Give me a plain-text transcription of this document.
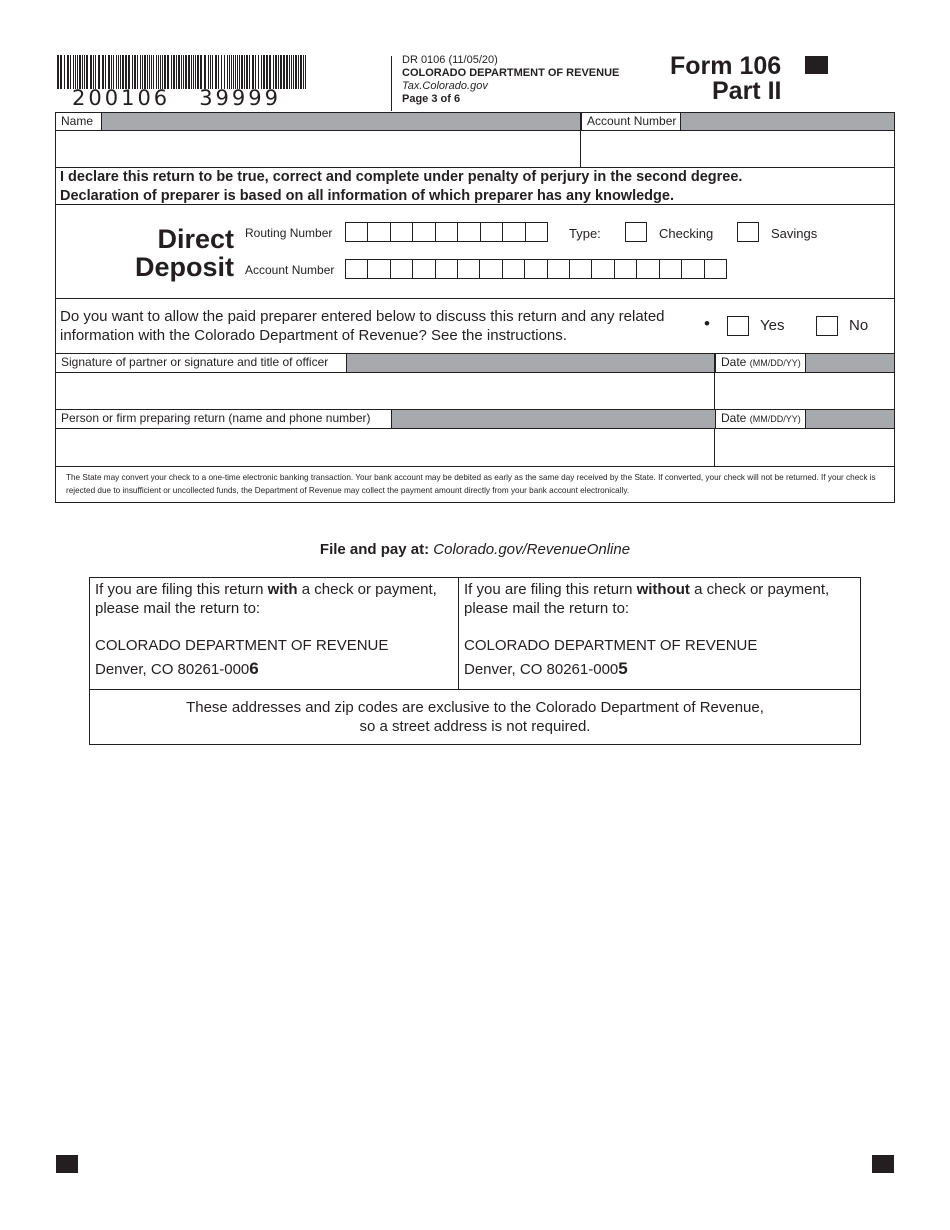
200106   39999
DR 0106 (11/05/20)
COLORADO DEPARTMENT OF REVENUE
Tax.Colorado.gov
Page 3 of 6
Form 106
Part II
Name	Account Number
I declare this return to be true, correct and complete under penalty of perjury in the second degree.
Declaration of preparer is based on all information of which preparer has any knowledge.
Direct
Deposit
Routing Number	Type:	Checking	Savings
Account Number
Do you want to allow the paid preparer entered below to discuss this return and any related information with the Colorado Department of Revenue? See the instructions.
•	Yes	No
Signature of partner or signature and title of officer	Date (MM/DD/YY)
Person or firm preparing return (name and phone number)	Date (MM/DD/YY)
The State may convert your check to a one-time electronic banking transaction. Your bank account may be debited as early as the same day received by the State. If converted, your check will not be returned. If your check is rejected due to insufficient or uncollected funds, the Department of Revenue may collect the payment amount directly from your bank account electronically.
File and pay at: Colorado.gov/RevenueOnline
If you are filing this return with a check or payment, please mail the return to:
COLORADO DEPARTMENT OF REVENUE
Denver, CO 80261-0006
If you are filing this return without a check or payment, please mail the return to:
COLORADO DEPARTMENT OF REVENUE
Denver, CO 80261-0005
These addresses and zip codes are exclusive to the Colorado Department of Revenue,
so a street address is not required.
